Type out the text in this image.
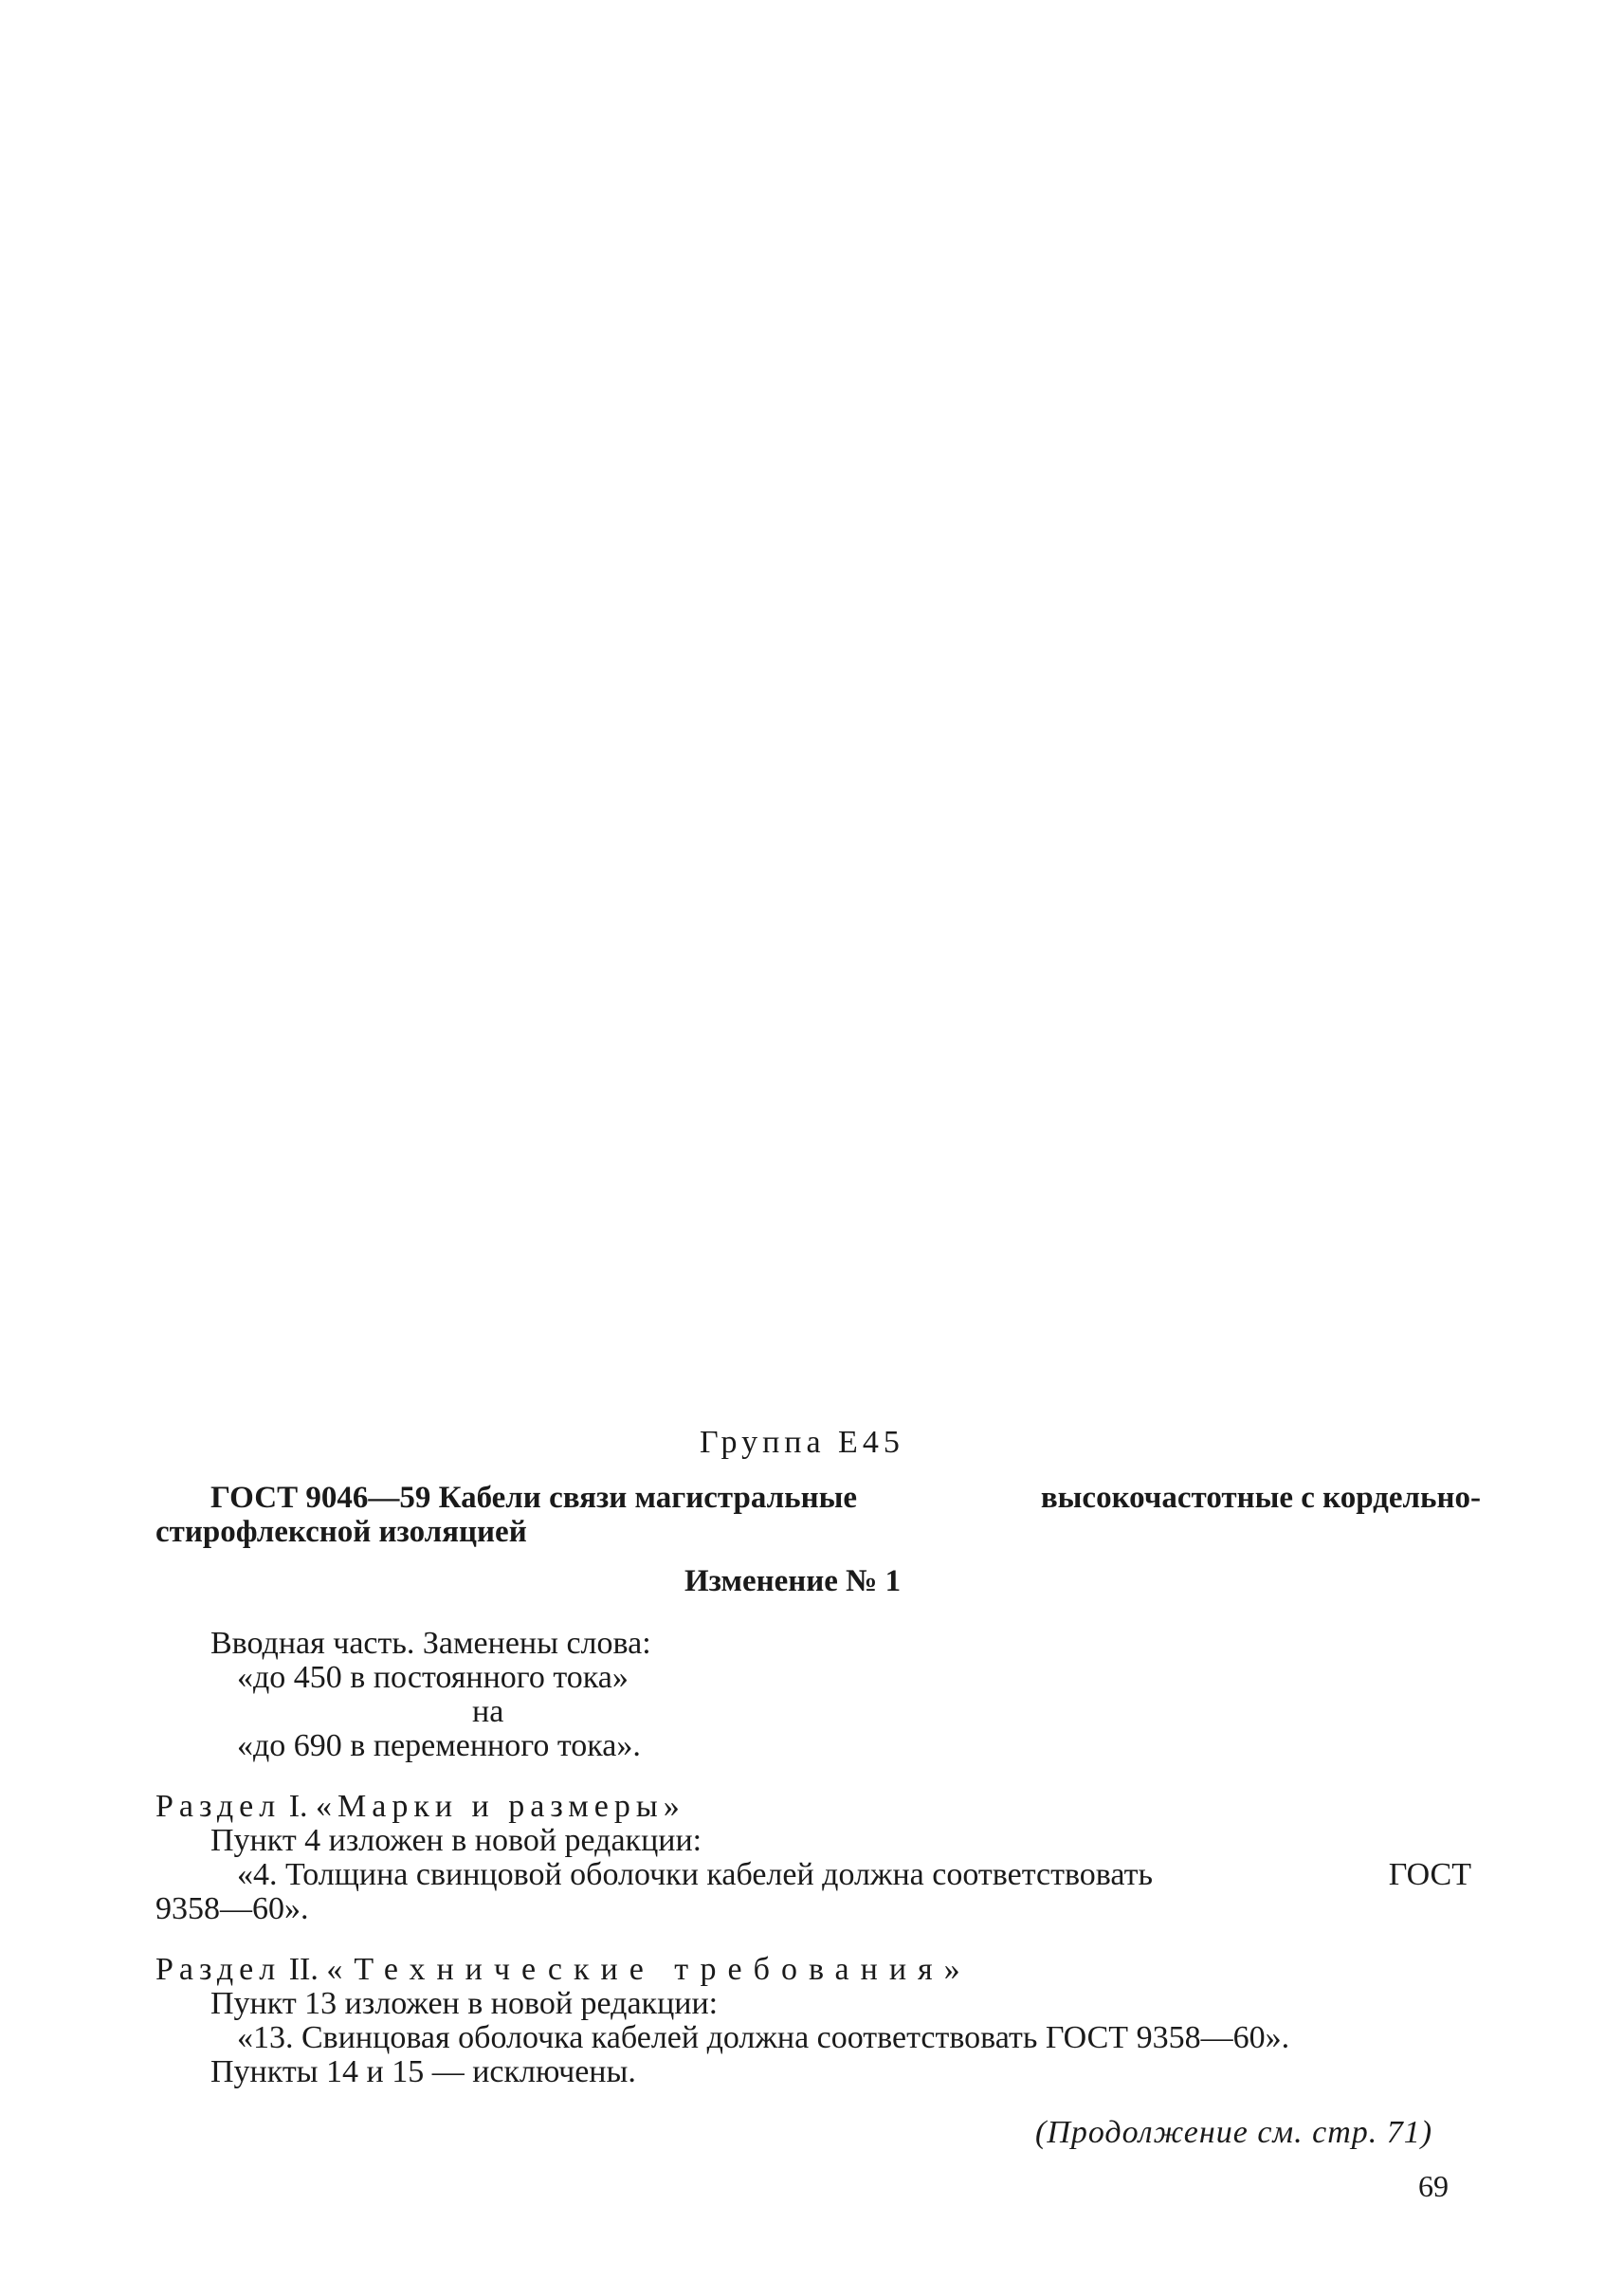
Группа Е45
ГОСТ 9046—59 Кабели связи магистральные	высокочастотные с кордельно-
стирофлексной изоляцией
Изменение № 1
Вводная часть. Заменены слова:
«до 450 в постоянного тока»
на
«до 690 в переменного тока».
Раздел I. «Марки и размеры»
Пункт 4 изложен в новой редакции:
«4. Толщина свинцовой оболочки кабелей должна соответствовать	ГОСТ
9358—60».
Раздел II. «Технические требования»
Пункт 13 изложен в новой редакции:
«13. Свинцовая оболочка кабелей должна соответствовать ГОСТ 9358—60».
Пункты 14 и 15 — исключены.
(Продолжение см. стр. 71)
69
